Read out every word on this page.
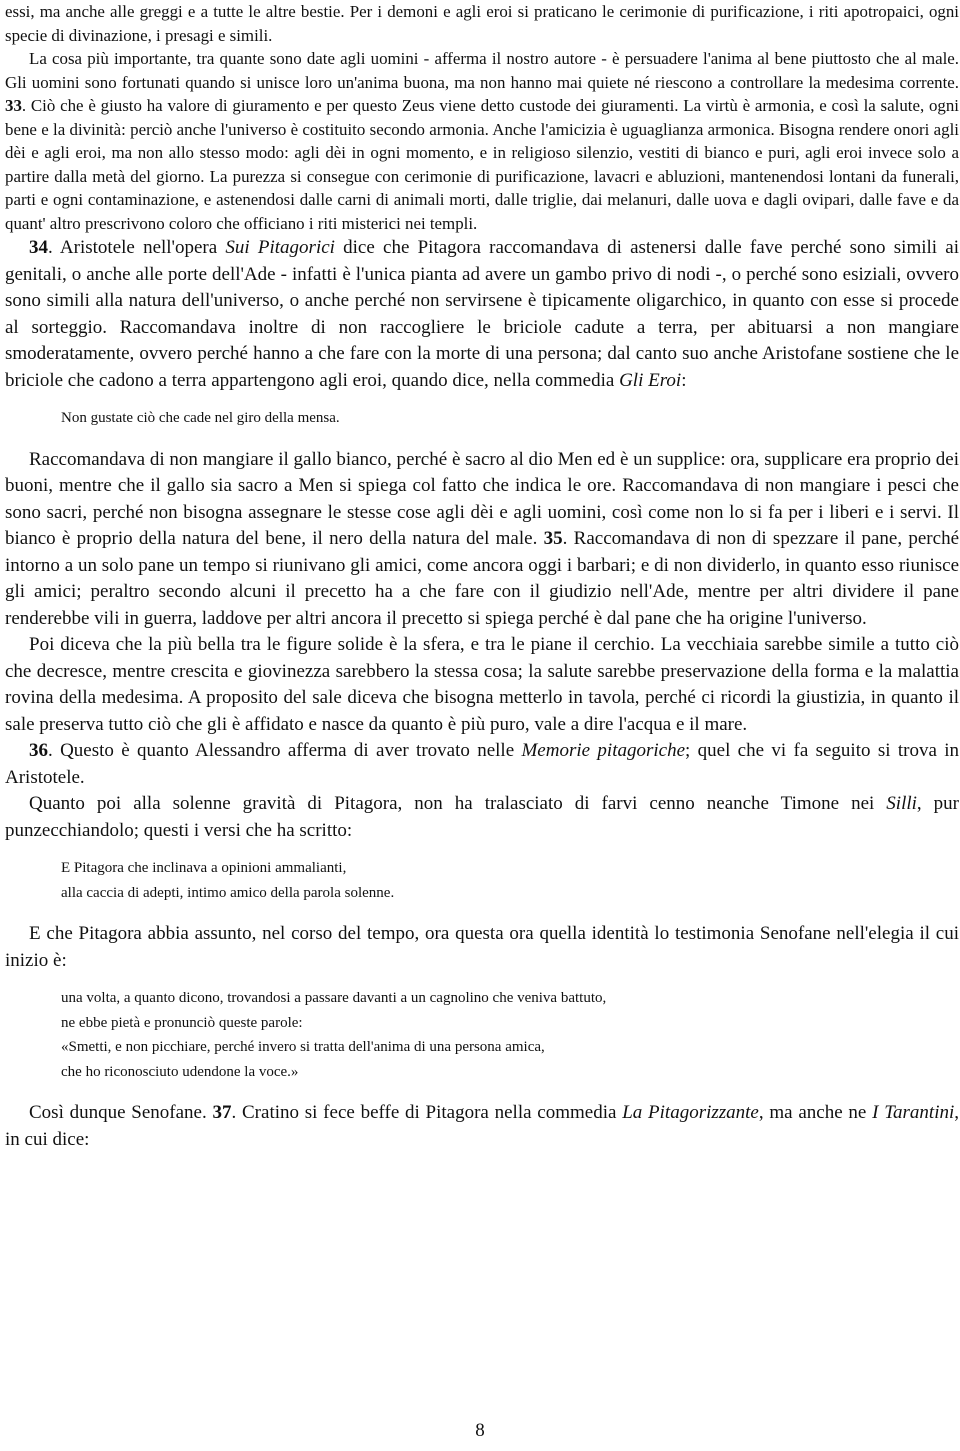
essi, ma anche alle greggi e a tutte le altre bestie. Per i demoni e agli eroi si praticano le cerimonie di purificazione, i riti apotropaici, ogni specie di divinazione, i presagi e simili.

La cosa più importante, tra quante sono date agli uomini - afferma il nostro autore - è persuadere l'anima al bene piuttosto che al male. Gli uomini sono fortunati quando si unisce loro un'anima buona, ma non hanno mai quiete né riescono a controllare la medesima corrente. 33. Ciò che è giusto ha valore di giuramento e per questo Zeus viene detto custode dei giuramenti. La virtù è armonia, e così la salute, ogni bene e la divinità: perciò anche l'universo è costituito secondo armonia. Anche l'amicizia è uguaglianza armonica. Bisogna rendere onori agli dèi e agli eroi, ma non allo stesso modo: agli dèi in ogni momento, e in religioso silenzio, vestiti di bianco e puri, agli eroi invece solo a partire dalla metà del giorno. La purezza si consegue con cerimonie di purificazione, lavacri e abluzioni, mantenendosi lontani da funerali, parti e ogni contaminazione, e astenendosi dalle carni di animali morti, dalle triglie, dai melanuri, dalle uova e dagli ovipari, dalle fave e da quant' altro prescrivono coloro che officiano i riti misterici nei templi.

34. Aristotele nell'opera Sui Pitagorici dice che Pitagora raccomandava di astenersi dalle fave perché sono simili ai genitali, o anche alle porte dell'Ade - infatti è l'unica pianta ad avere un gambo privo di nodi -, o perché sono esiziali, ovvero sono simili alla natura dell'universo, o anche perché non servirsene è tipicamente oligarchico, in quanto con esse si procede al sorteggio. Raccomandava inoltre di non raccogliere le briciole cadute a terra, per abituarsi a non mangiare smoderatamente, ovvero perché hanno a che fare con la morte di una persona; dal canto suo anche Aristofane sostiene che le briciole che cadono a terra appartengono agli eroi, quando dice, nella commedia Gli Eroi:

Non gustate ciò che cade nel giro della mensa.

Raccomandava di non mangiare il gallo bianco, perché è sacro al dio Men ed è un supplice: ora, supplicare era proprio dei buoni, mentre che il gallo sia sacro a Men si spiega col fatto che indica le ore. Raccomandava di non mangiare i pesci che sono sacri, perché non bisogna assegnare le stesse cose agli dèi e agli uomini, così come non lo si fa per i liberi e i servi. Il bianco è proprio della natura del bene, il nero della natura del male. 35. Raccomandava di non di spezzare il pane, perché intorno a un solo pane un tempo si riunivano gli amici, come ancora oggi i barbari; e di non dividerlo, in quanto esso riunisce gli amici; peraltro secondo alcuni il precetto ha a che fare con il giudizio nell'Ade, mentre per altri dividere il pane renderebbe vili in guerra, laddove per altri ancora il precetto si spiega perché è dal pane che ha origine l'universo.

Poi diceva che la più bella tra le figure solide è la sfera, e tra le piane il cerchio. La vecchiaia sarebbe simile a tutto ciò che decresce, mentre crescita e giovinezza sarebbero la stessa cosa; la salute sarebbe preservazione della forma e la malattia rovina della medesima. A proposito del sale diceva che bisogna metterlo in tavola, perché ci ricordi la giustizia, in quanto il sale preserva tutto ciò che gli è affidato e nasce da quanto è più puro, vale a dire l'acqua e il mare.

36. Questo è quanto Alessandro afferma di aver trovato nelle Memorie pitagoriche; quel che vi fa seguito si trova in Aristotele.

Quanto poi alla solenne gravità di Pitagora, non ha tralasciato di farvi cenno neanche Timone nei Silli, pur punzecchiandolo; questi i versi che ha scritto:

E Pitagora che inclinava a opinioni ammalianti,

alla caccia di adepti, intimo amico della parola solenne.

E che Pitagora abbia assunto, nel corso del tempo, ora questa ora quella identità lo testimonia Senofane nell'elegia il cui inizio è:

una volta, a quanto dicono, trovandosi a passare davanti a un cagnolino che veniva battuto,

ne ebbe pietà e pronunciò queste parole:

«Smetti, e non picchiare, perché invero si tratta dell'anima di una persona amica,

che ho riconosciuto udendone la voce.»

Così dunque Senofane. 37. Cratino si fece beffe di Pitagora nella commedia La Pitagorizzante, ma anche ne I Tarantini, in cui dice:

8
